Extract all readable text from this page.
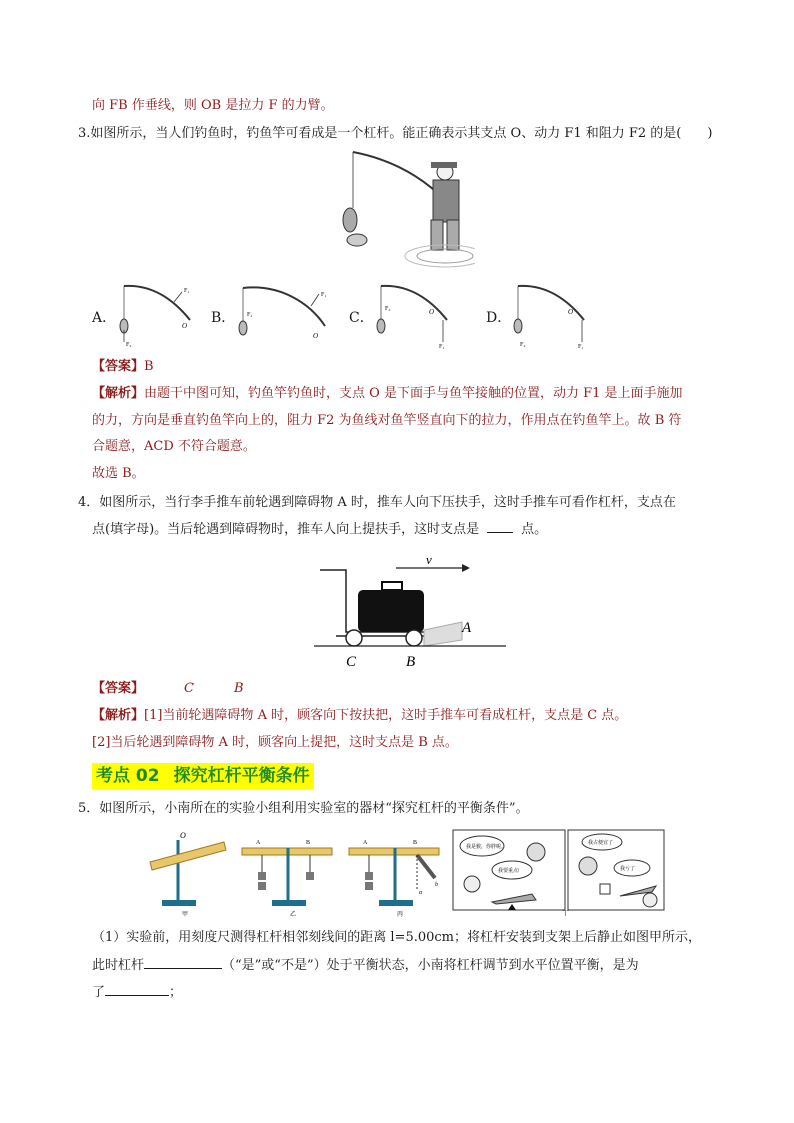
向 FB 作垂线，则 OB 是拉力 F 的力臂。
3.如图所示，当人们钓鱼时，钓鱼竿可看成是一个杠杆。能正确表示其支点 O、动力 F1 和阻力 F2 的是(　　)
A．
F₂
F₁
O B． F₂
F₁
O
C．
F₂
F₁
O	D．
F₂	F₁
O
【答案】B
【解析】由题干中图可知，钓鱼竿钓鱼时，支点 O 是下面手与鱼竿接触的位置，动力 F1 是上面手施加
的力，方向是垂直钓鱼竿向上的，阻力 F2 为鱼线对鱼竿竖直向下的拉力，作用点在钓鱼竿上。故 B 符
合题意，ACD 不符合题意。
故选 B。
4．如图所示，当行李手推车前轮遇到障碍物 A 时，推车人向下压扶手，这时手推车可看作杠杆，支点在
点(填字母)。当后轮遇到障碍物时，推车人向上提扶手，这时支点是	点。
v
A
C	B
【答案】	C	B
【解析】[1]当前轮遇障碍物 A 时，顾客向下按扶把，这时手推车可看成杠杆，支点是 C 点。
[2]当后轮遇到障碍物 A 时，顾客向上提把，这时支点是 B 点。
考点 02 探究杠杆平衡条件
5．如图所示，小南所在的实验小组利用实验室的器材“探究杠杆的平衡条件”。
O
甲
A	B
乙
b
α
A	B
丙
我是猴，你胖呢。
我要重点!
我占便宜了
我亏了
丁
（1）实验前，用刻度尺测得杠杆相邻刻线间的距离 l=5.00cm；将杠杆安装到支架上后静止如图甲所示，
此时杠杆	（“是”或“不是”）处于平衡状态，小南将杠杆调节到水平位置平衡，是为
了	；
